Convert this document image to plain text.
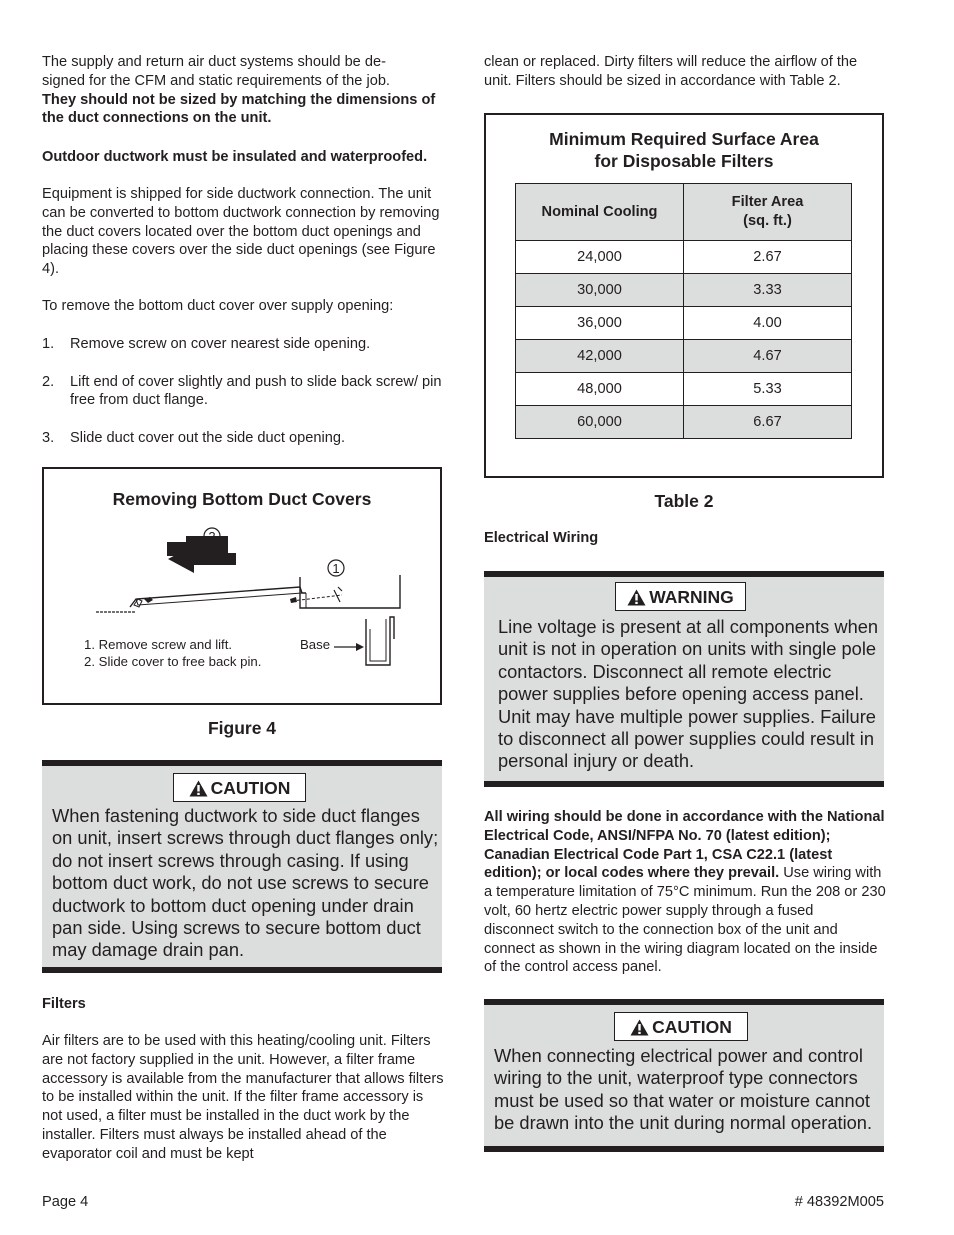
The supply and return air duct systems should be de-
signed for the CFM and static requirements of the job.

They should not be sized by matching the dimensions of the duct connections on the unit.

Outdoor ductwork must be insulated and waterproofed.

Equipment is shipped for side ductwork connection. The unit can be converted to bottom ductwork connection by removing the duct covers located over the bottom duct openings and placing these covers over the side duct openings (see Figure 4).

To remove the bottom duct cover over supply opening:

1. Remove screw on cover nearest side opening.
2. Lift end of cover slightly and push to slide back screw/ pin free from duct flange.
3. Slide duct cover out the side duct opening.
Removing Bottom Duct Covers
2
1
Base
1. Remove screw and lift.
2. Slide cover to free back pin.
Figure 4
CAUTION

When fastening ductwork to side duct flanges on unit, insert screws through duct flanges only; do not insert screws through casing. If using bottom duct work, do not use screws to secure ductwork to bottom duct opening under drain pan side. Using screws to secure bottom duct may damage drain pan.

Filters

Air filters are to be used with this heating/cooling unit. Filters are not factory supplied in the unit. However, a filter frame accessory is available from the manufacturer that allows filters to be installed within the unit. If the filter frame accessory is not used, a filter must be installed in the duct work by the installer. Filters must always be installed ahead of the evaporator coil and must be kept

clean or replaced. Dirty filters will reduce the airflow of the unit. Filters should be sized in accordance with Table 2.

Minimum Required Surface Area
for Disposable Filters
Nominal Cooling	Filter Area
(sq. ft.)
24,000	2.67
30,000	3.33
36,000	4.00
42,000	4.67
48,000	5.33
60,000	6.67
Table 2

Electrical Wiring

WARNING

Line voltage is present at all components when unit is not in operation on units with single pole contactors. Disconnect all remote electric power supplies before opening access panel. Unit may have multiple power supplies. Failure to disconnect all power supplies could result in personal injury or death.

All wiring should be done in accordance with the National Electrical Code, ANSI/NFPA No. 70 (latest edition); Canadian Electrical Code Part 1, CSA C22.1 (latest edition); or local codes where they prevail. Use wiring with a temperature limitation of 75°C minimum. Run the 208 or 230 volt, 60 hertz electric power supply through a fused disconnect switch to the connection box of the unit and connect as shown in the wiring diagram located on the inside of the control access panel.

CAUTION

When connecting electrical power and control wiring to the unit, waterproof type connectors must be used so that water or moisture cannot be drawn into the unit during normal operation.

Page 4	# 48392M005
